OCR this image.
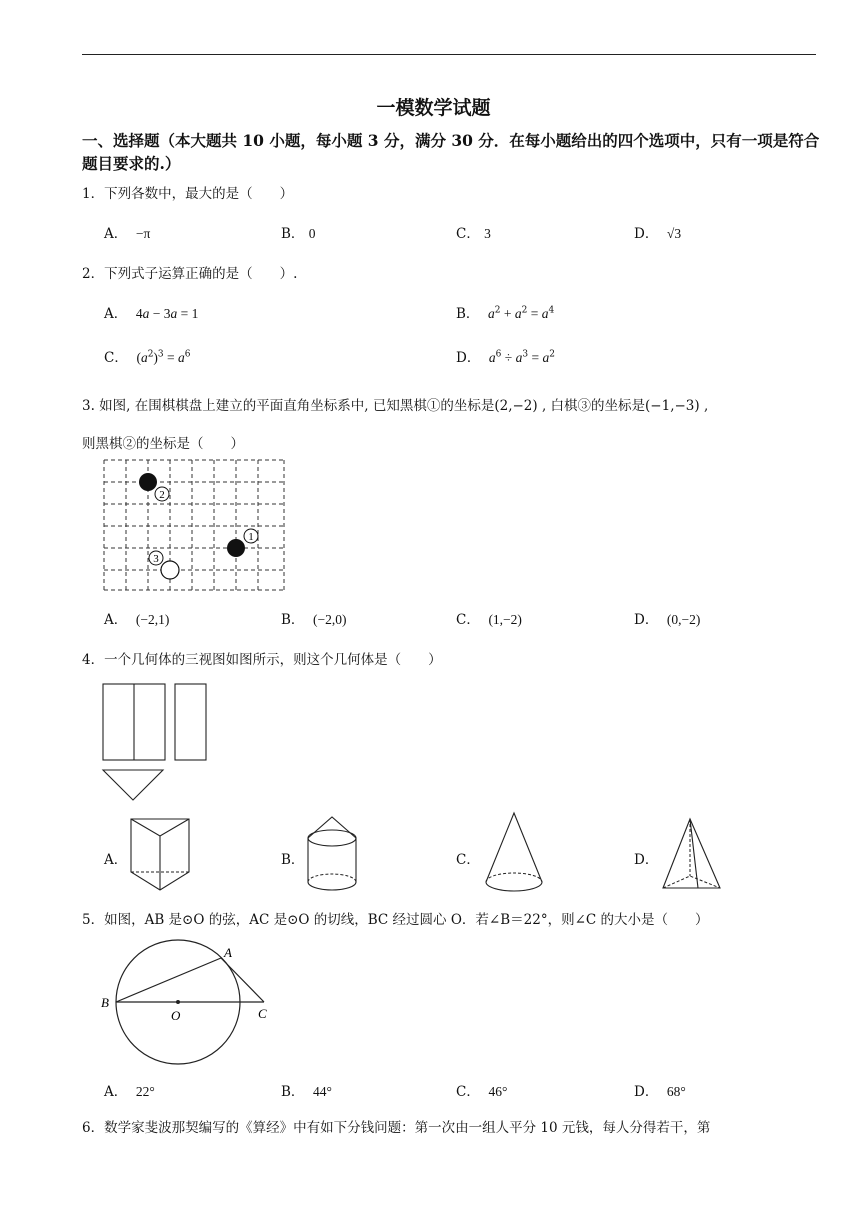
一模数学试题
一、选择题（本大题共 10 小题，每小题 3 分，满分 30 分．在每小题给出的四个选项中，只有一项是符合题目要求的.）
1．下列各数中，最大的是（　　）
A． −π	B． 0	C． 3	D． √3
2．下列式子运算正确的是（　　）.
A． 4a − 3a = 1	B． $a^2 + a^2 = a^4$
C． $(a^2)^3 = a^6$	D． $a^6 \div a^3 = a^2$
3. 如图, 在围棋棋盘上建立的平面直角坐标系中, 已知黑棋①的坐标是(2,−2) , 白棋③的坐标是(−1,−3) ,
则黑棋②的坐标是（　　）
2
1
3
A． (−2,1)	B． (−2,0)	C． (1,−2)	D． (0,−2)
4．一个几何体的三视图如图所示，则这个几何体是（　　）
A．	B．	C．	D．
5．如图，AB 是⊙O 的弦，AC 是⊙O 的切线，BC 经过圆心 O．若∠B＝22°，则∠C 的大小是（　　）
A
B
O	C
A． 22°	B． 44°	C． 46°	D． 68°
6．数学家斐波那契编写的《算经》中有如下分钱问题：第一次由一组人平分 10 元钱，每人分得若干，第
